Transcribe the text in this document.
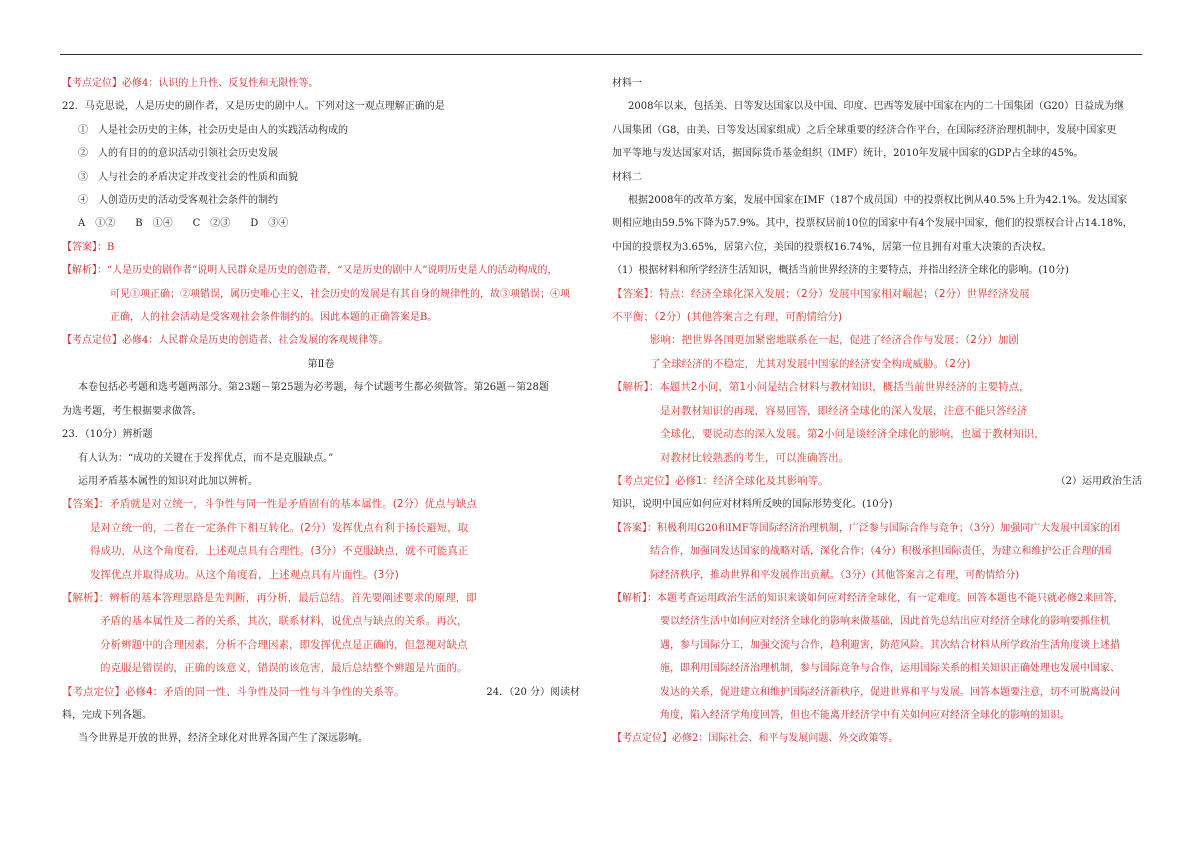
【考点定位】必修4：认识的上升性、反复性和无限性等。
22．马克思说，人是历史的剧作者，又是历史的剧中人。下列对这一观点理解正确的是
①　人是社会历史的主体，社会历史是由人的实践活动构成的
②　人的有目的的意识活动引领社会历史发展
③　人与社会的矛盾决定并改变社会的性质和面貌
④　人创造历史的活动受客观社会条件的制约
A　①②　　B　①④　　C　②③　　D　③④
【答案】：B
【解析】：“人是历史的剧作者”说明人民群众是历史的创造者，“又是历史的剧中人”说明历史是人的活动构成的，
可见①项正确；②项错误，属历史唯心主义，社会历史的发展是有其自身的规律性的，故③项错误；④项
正确，人的社会活动是受客观社会条件制约的。因此本题的正确答案是B。
【考点定位】必修4：人民群众是历史的创造者、社会发展的客观规律等。
第Ⅱ卷
本卷包括必考题和选考题两部分。第23题－第25题为必考题，每个试题考生都必须做答。第26题－第28题
为选考题，考生根据要求做答。
23．（10分）辨析题
有人认为：“成功的关键在于发挥优点，而不是克服缺点。”
运用矛盾基本属性的知识对此加以辨析。
【答案】：矛盾就是对立统一，斗争性与同一性是矛盾固有的基本属性。(2分）优点与缺点
是对立统一的，二者在一定条件下相互转化。(2分）发挥优点有利于扬长避短，取
得成功，从这个角度看，上述观点具有合理性。(3分）不克服缺点，就不可能真正
发挥优点并取得成功。从这个角度看，上述观点具有片面性。(3分)
【解析】：辨析的基本答理思路是先判断，再分析，最后总结。首先要阐述要求的原理，即
矛盾的基本属性及二者的关系，其次，联系材料，说优点与缺点的关系。再次，
分析辨题中的合理因素，分析不合理因素，即发挥优点是正确的，但忽视对缺点
的克服是错误的，正确的该意义，错误的该危害，最后总结整个辨题是片面的。
【考点定位】必修4：矛盾的同一性、斗争性及同一性与斗争性的关系等。	24．（20 分）阅读材
料，完成下列各题。
当今世界是开放的世界，经济全球化对世界各国产生了深远影响。
材料一
2008年以来，包括美、日等发达国家以及中国、印度、巴西等发展中国家在内的二十国集团（G20）日益成为继
八国集团（G8，由美、日等发达国家组成）之后全球重要的经济合作平台，在国际经济治理机制中，发展中国家更
加平等地与发达国家对话，据国际货币基金组织（IMF）统计，2010年发展中国家的GDP占全球的45%。
材料二
根据2008年的改革方案，发展中国家在IMF（187个成员国）中的投票权比例从40.5%上升为42.1%。发达国家
则相应地由59.5%下降为57.9%。其中，投票权居前10位的国家中有4个发展中国家，他们的投票权合计占14.18%，
中国的投票权为3.65%，居第六位，美国的投票权16.74%，居第一位且拥有对重大决策的否决权。
（1）根据材料和所学经济生活知识，概括当前世界经济的主要特点，并指出经济全球化的影响。(10分)
【答案】：特点：经济全球化深入发展；（2分）发展中国家相对崛起；（2分）世界经济发展
不平衡；（2分）(其他答案言之有理，可酌情给分)
影响：把世界各国更加紧密地联系在一起，促进了经济合作与发展；（2分）加剧
了全球经济的不稳定，尤其对发展中国家的经济安全构成威胁。（2分)
【解析】：本题共2小问，第1小问是结合材料与教材知识，概括当前世界经济的主要特点，
是对教材知识的再现，容易回答，即经济全球化的深入发展，注意不能只答经济
全球化，要说动态的深入发展。第2小问是谈经济全球化的影响，也属于教材知识，
对教材比较熟悉的考生，可以准确答出。
【考点定位】必修1：经济全球化及其影响等。	（2）运用政治生活
知识，说明中国应如何应对材料所反映的国际形势变化。(10分)
【答案】：积极利用G20和IMF等国际经济治理机制，广泛参与国际合作与竞争；（3分）加强同广大发展中国家的团
结合作，加强同发达国家的战略对话，深化合作；（4分）积极承担国际责任，为建立和维护公正合理的国
际经济秩序，推动世界和平发展作出贡献。（3分）(其他答案言之有理，可酌情给分)
【解析】：本题考查运用政治生活的知识来谈如何应对经济全球化，有一定难度。回答本题也不能只就必修2来回答，
要以经济生活中如何应对经济全球化的影响来做基础，因此首先总结出应对经济全球化的影响要抓住机
遇，参与国际分工，加强交流与合作，趋利避害，防范风险。其次结合材料从所学政治生活角度谈上述措
施，即利用国际经济治理机制，参与国际竞争与合作，运用国际关系的相关知识正确处理也发展中国家、
发达的关系，促进建立和维护国际经济新秩序，促进世界和平与发展。回答本题要注意，切不可脱离设问
角度，陷入经济学角度回答，但也不能离开经济学中有关如何应对经济全球化的影响的知识。
【考点定位】必修2：国际社会、和平与发展问题、外交政策等。
